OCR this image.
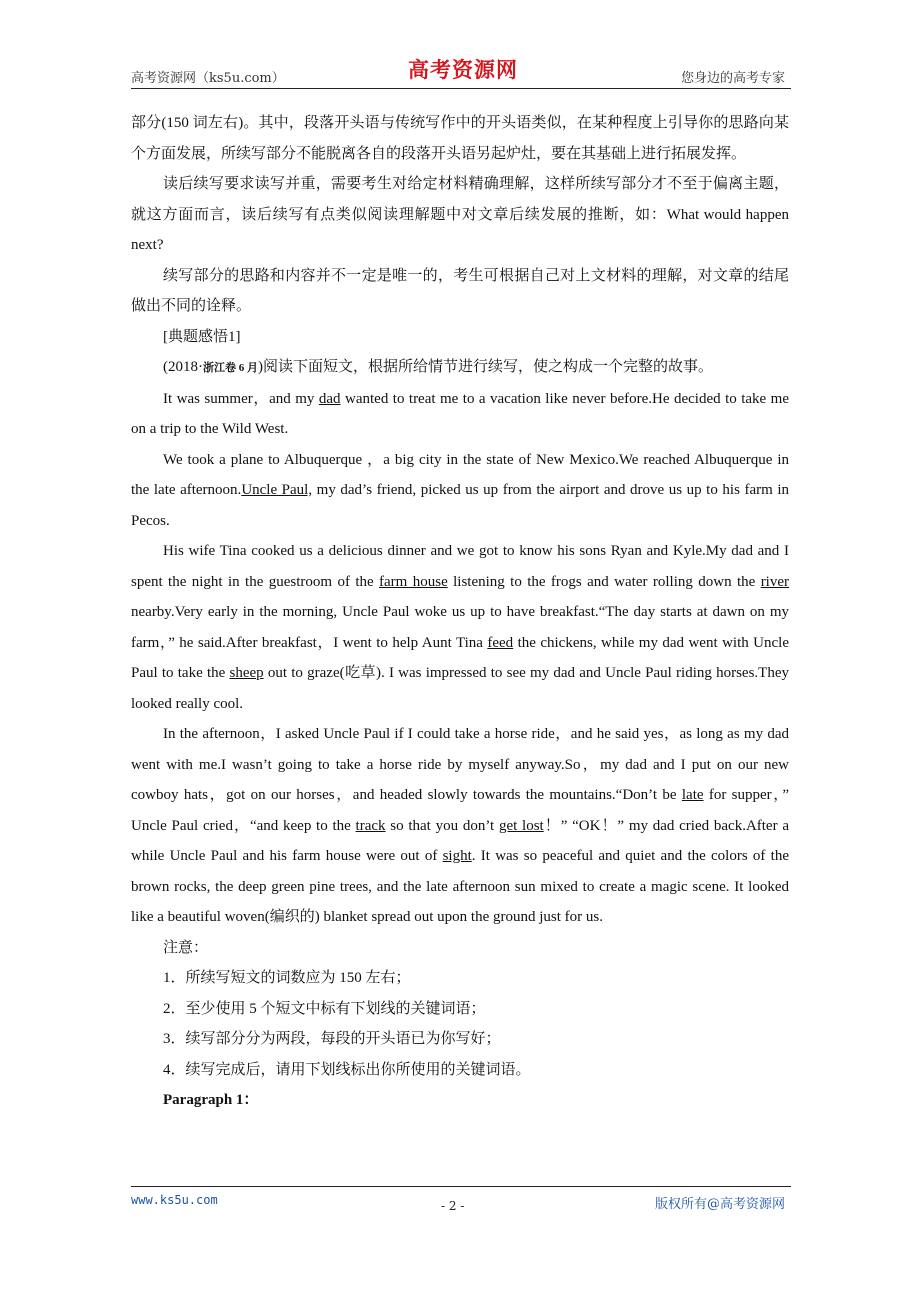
高考资源网（ks5u.com）	高考资源网	您身边的高考专家

部分(150 词左右)。其中，段落开头语与传统写作中的开头语类似，在某种程度上引导你的思路向某个方面发展，所续写部分不能脱离各自的段落开头语另起炉灶，要在其基础上进行拓展发挥。

读后续写要求读写并重，需要考生对给定材料精确理解，这样所续写部分才不至于偏离主题，就这方面而言，读后续写有点类似阅读理解题中对文章后续发展的推断，如：What would happen next?

续写部分的思路和内容并不一定是唯一的，考生可根据自己对上文材料的理解，对文章的结尾做出不同的诠释。

[典题感悟1]

(2018·浙江卷 6 月)阅读下面短文，根据所给情节进行续写，使之构成一个完整的故事。

It was summer，and my dad wanted to treat me to a vacation like never before.He decided to take me on a trip to the Wild West.

We took a plane to Albuquerque ，a big city in the state of New Mexico.We reached Albuquerque in the late afternoon.Uncle Paul, my dad’s friend, picked us up from the airport and drove us up to his farm in Pecos.

His wife Tina cooked us a delicious dinner and we got to know his sons Ryan and Kyle.My dad and I spent the night in the guestroom of the farm house listening to the frogs and water rolling down the river nearby.Very early in the morning, Uncle Paul woke us up to have breakfast.“The day starts at dawn on my farm，” he said.After breakfast，I went to help Aunt Tina feed the chickens, while my dad went with Uncle Paul to take the sheep out to graze(吃草). I was impressed to see my dad and Uncle Paul riding horses.They looked really cool.

In the afternoon，I asked Uncle Paul if I could take a horse ride，and he said yes，as long as my dad went with me.I wasn’t going to take a horse ride by myself anyway.So，my dad and I put on our new cowboy hats，got on our horses，and headed slowly towards the mountains.“Don’t be late for supper，” Uncle Paul cried，“and keep to the track so that you don’t get lost！” “OK！” my dad cried back.After a while Uncle Paul and his farm house were out of sight. It was so peaceful and quiet and the colors of the brown rocks, the deep green pine trees, and the late afternoon sun mixed to create a magic scene. It looked like a beautiful woven(编织的) blanket spread out upon the ground just for us.

注意：

1．所续写短文的词数应为 150 左右；

2．至少使用 5 个短文中标有下划线的关键词语；

3．续写部分分为两段，每段的开头语已为你写好；

4．续写完成后，请用下划线标出你所使用的关键词语。

Paragraph 1：

www.ks5u.com	- 2 -	版权所有@高考资源网
